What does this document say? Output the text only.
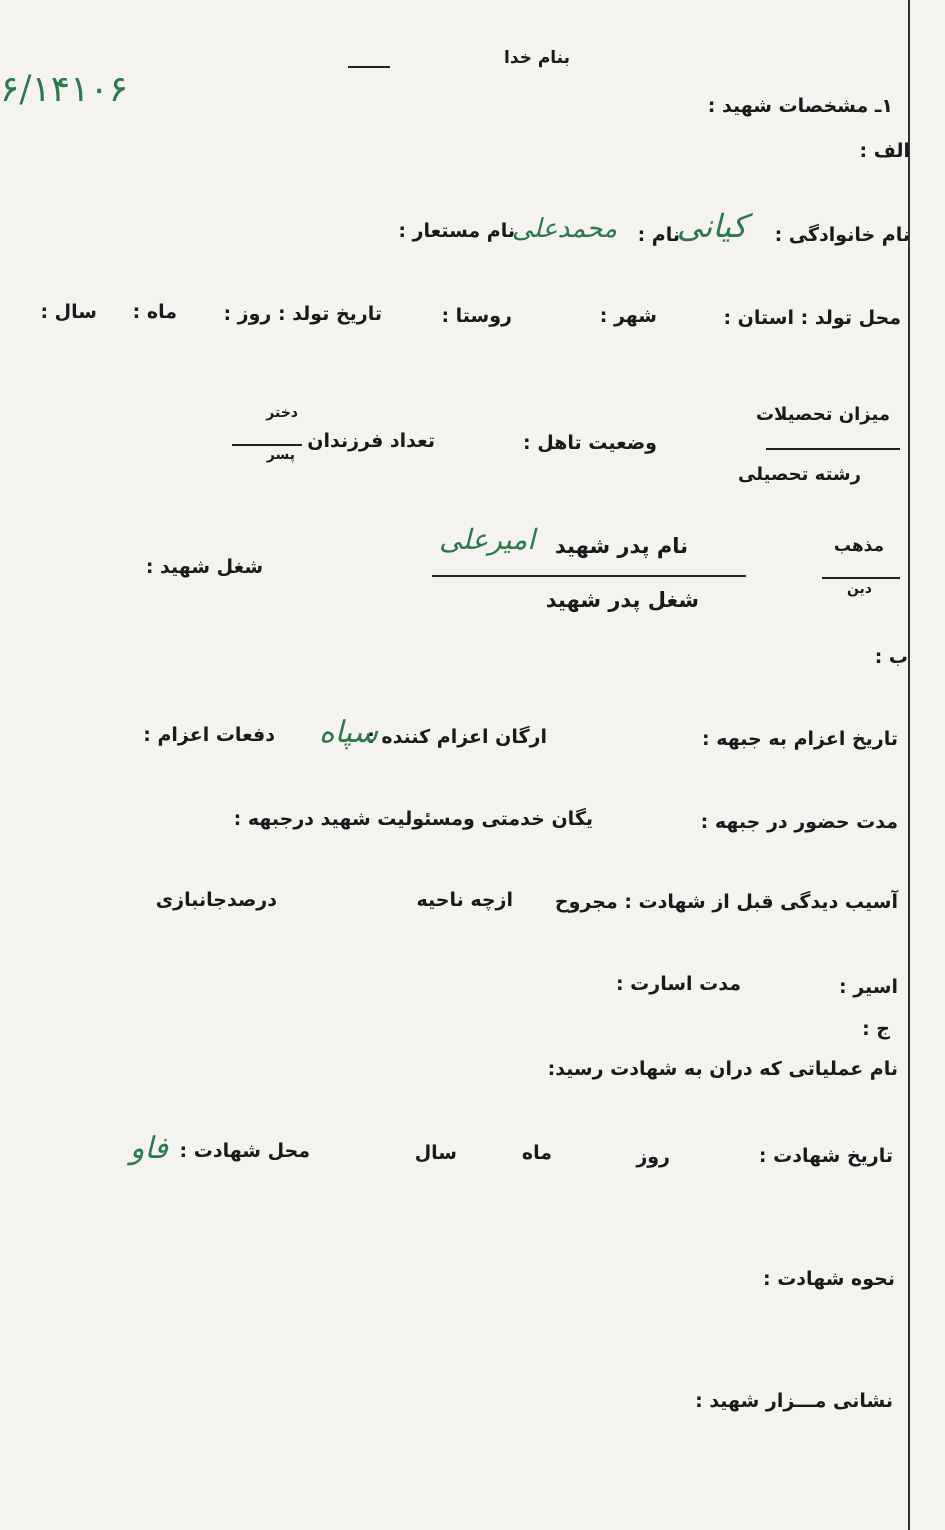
بنام خدا
۶/۱۴۱۰۶	۱ـ مشخصات شهید :
الف :
نام خانوادگی :
کیانی
نام :
محمدعلی
نام مستعار :
محل تولد : استان :
شهر :
روستا :
تاریخ تولد : روز :
ماه :
سال :
میزان تحصیلات
رشته تحصیلی
وضعیت تاهل :
تعداد فرزندان
دختر
پسر
مذهب
دین
نام پدر شهید
امیرعلی
شغل پدر شهید
شغل شهید :
ب :
تاریخ اعزام به جبهه :
ارگان اعزام کننده :
سپاه
دفعات اعزام :
مدت حضور در جبهه :
یگان خدمتی ومسئولیت شهید درجبهه :
آسیب دیدگی قبل از شهادت : مجروح
ازچه ناحیه
درصدجانبازی
اسیر :
مدت اسارت :
ج :
نام عملیاتی که دران به شهادت رسید:
تاریخ شهادت :
روز
ماه
سال
محل شهادت :
فاو
نحوه شهادت :
نشانی مـــزار شهید :
